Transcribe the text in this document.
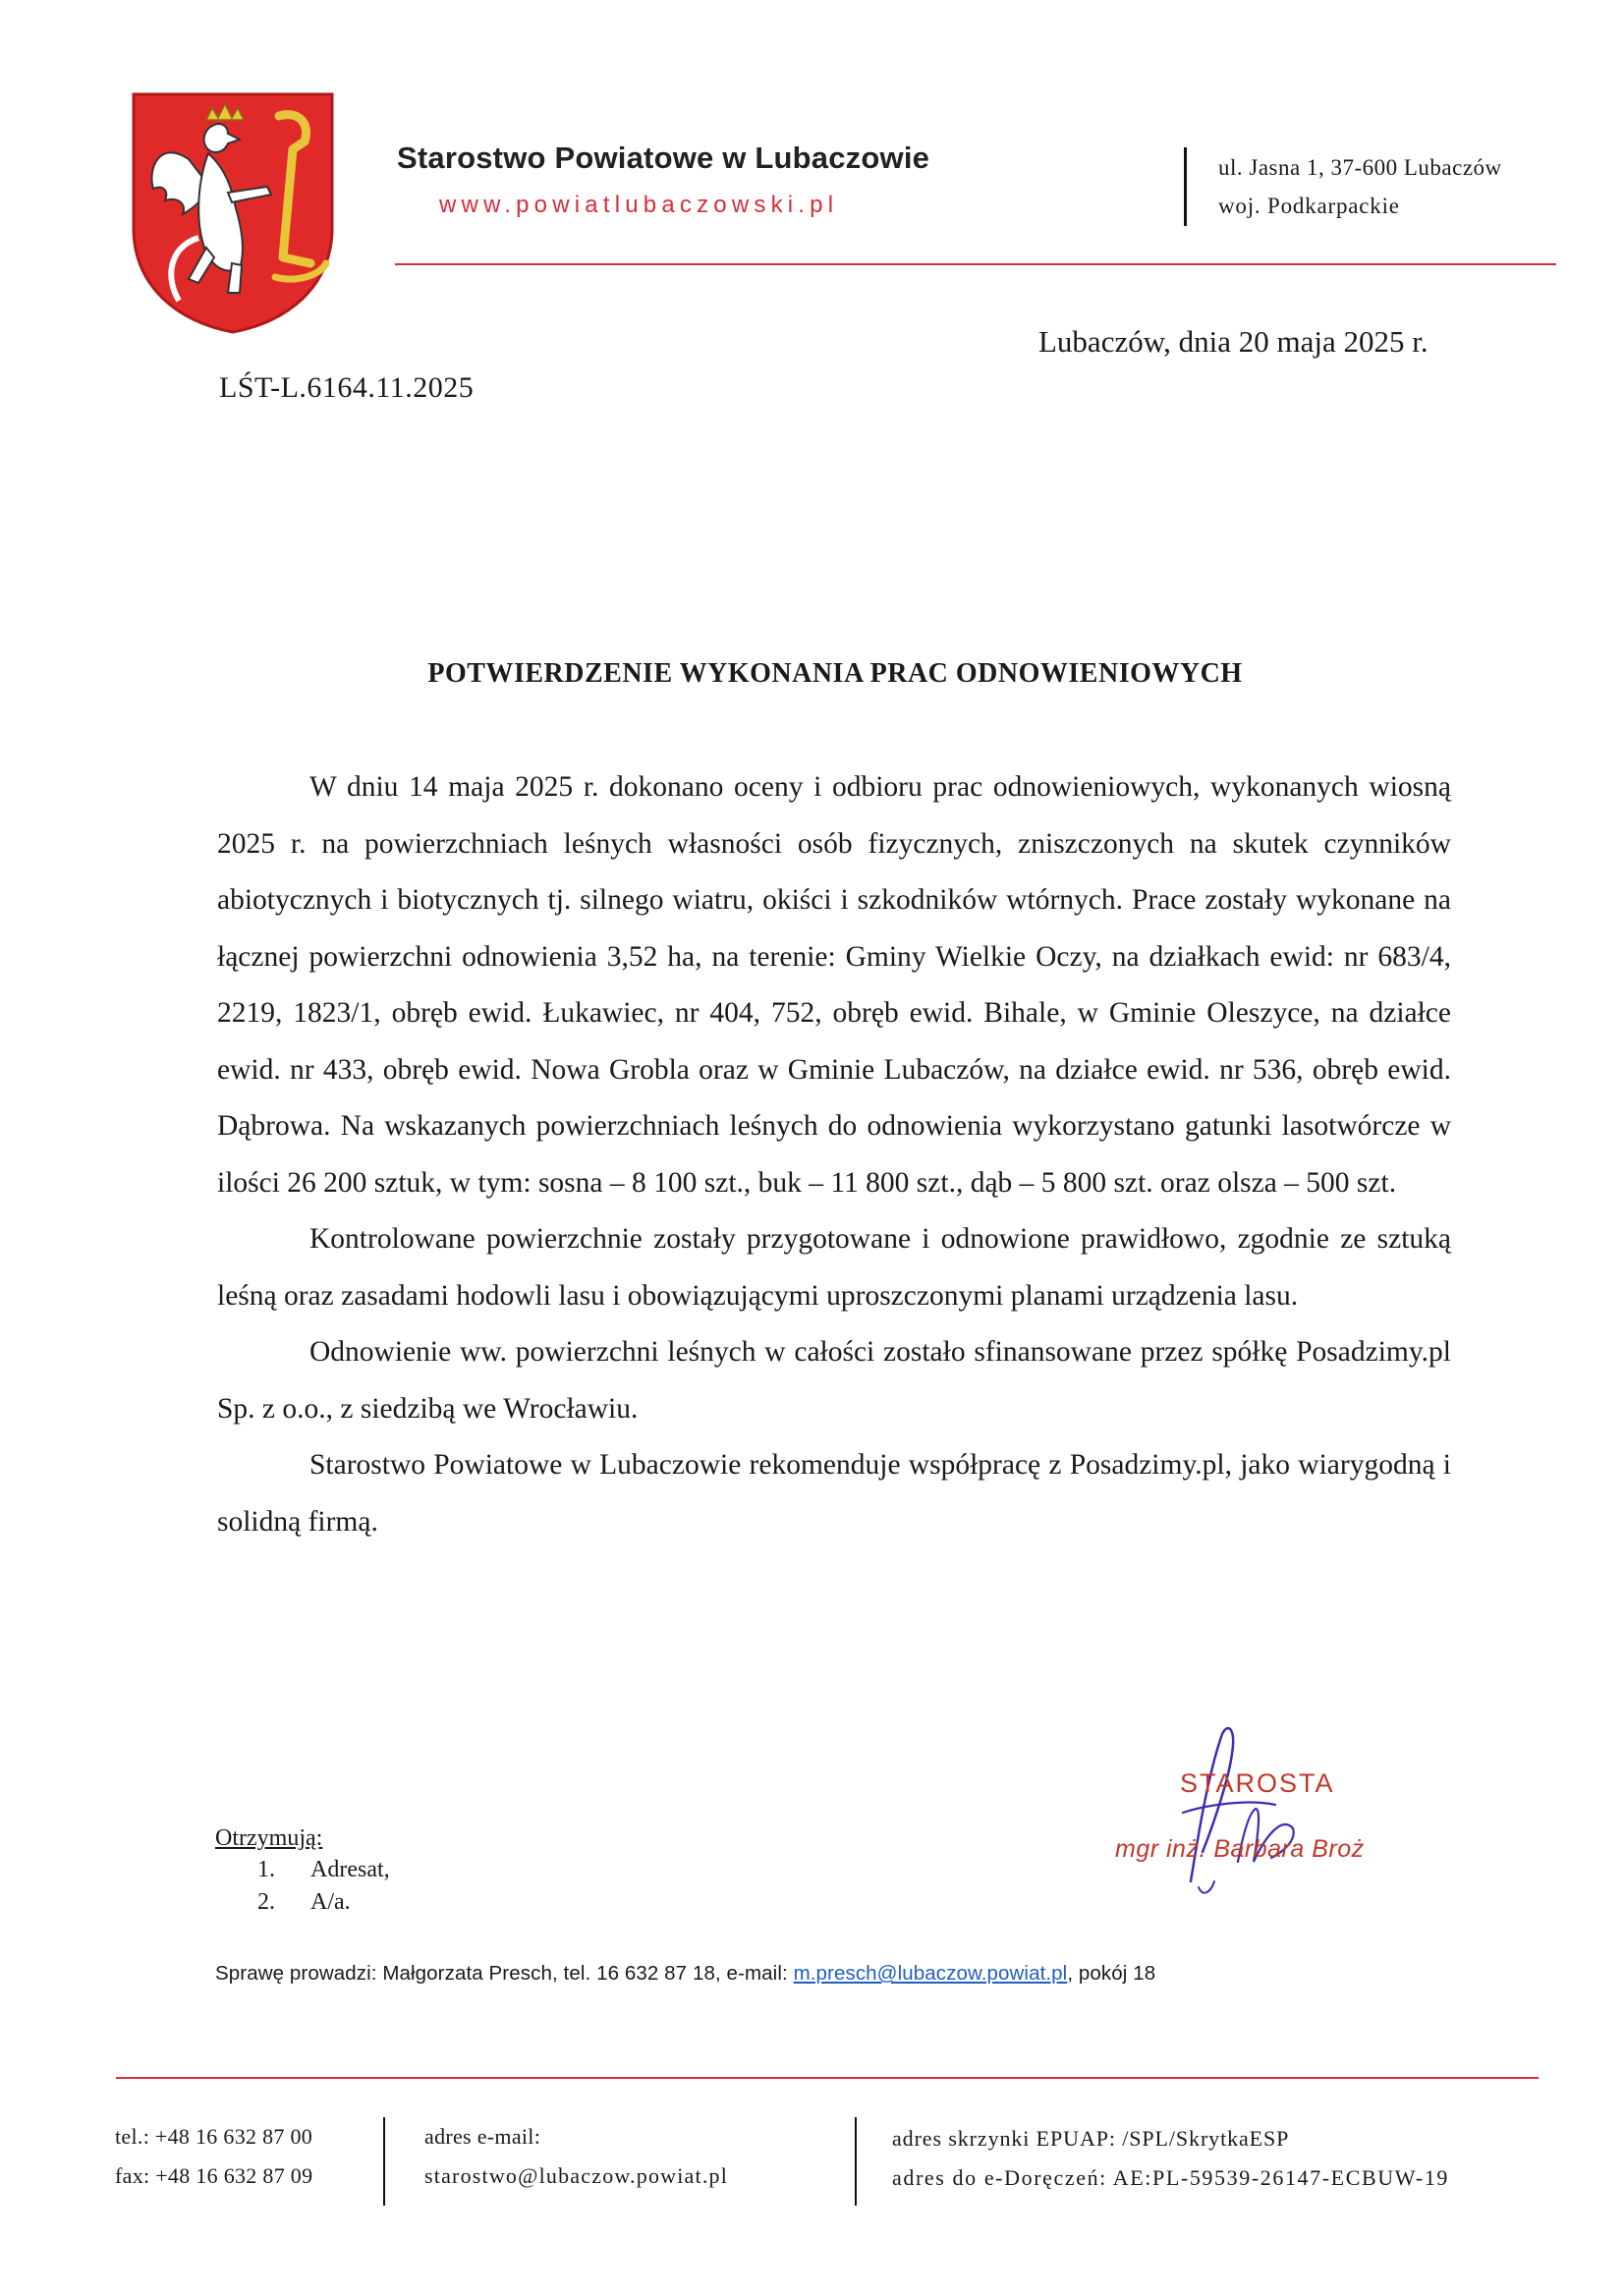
Starostwo Powiatowe w Lubaczowie
www.powiatlubaczowski.pl
ul. Jasna 1, 37-600 Lubaczów
woj. Podkarpackie
Lubaczów, dnia 20 maja 2025 r.
LŚT-L.6164.11.2025
POTWIERDZENIE WYKONANIA PRAC ODNOWIENIOWYCH

W dniu 14 maja 2025 r. dokonano oceny i odbioru prac odnowieniowych, wykonanych wiosną 2025 r. na powierzchniach leśnych własności osób fizycznych, zniszczonych na skutek czynników abiotycznych i biotycznych tj. silnego wiatru, okiści i szkodników wtórnych. Prace zostały wykonane na łącznej powierzchni odnowienia 3,52 ha, na terenie: Gminy Wielkie Oczy, na działkach ewid: nr 683/4, 2219, 1823/1, obręb ewid. Łukawiec, nr 404, 752, obręb ewid. Bihale, w Gminie Oleszyce, na działce ewid. nr 433, obręb ewid. Nowa Grobla oraz w Gminie Lubaczów, na działce ewid. nr 536, obręb ewid. Dąbrowa. Na wskazanych powierzchniach leśnych do odnowienia wykorzystano gatunki lasotwórcze w ilości 26 200 sztuk, w tym: sosna – 8 100 szt., buk – 11 800 szt., dąb – 5 800 szt. oraz olsza – 500 szt.

Kontrolowane powierzchnie zostały przygotowane i odnowione prawidłowo, zgodnie ze sztuką leśną oraz zasadami hodowli lasu i obowiązującymi uproszczonymi planami urządzenia lasu.

Odnowienie ww. powierzchni leśnych w całości zostało sfinansowane przez spółkę Posadzimy.pl Sp. z o.o., z siedzibą we Wrocławiu.

Starostwo Powiatowe w Lubaczowie rekomenduje współpracę z Posadzimy.pl, jako wiarygodną i solidną firmą.

STAROSTA
mgr inż. Barbara Broż
Otrzymują:
1. Adresat,
2. A/a.
Sprawę prowadzi: Małgorzata Presch, tel. 16 632 87 18, e-mail: m.presch@lubaczow.powiat.pl, pokój 18
tel.: +48 16 632 87 00
fax: +48 16 632 87 09
adres e-mail:
starostwo@lubaczow.powiat.pl
adres skrzynki EPUAP: /SPL/SkrytkaESP
adres do e-Doręczeń: AE:PL-59539-26147-ECBUW-19
